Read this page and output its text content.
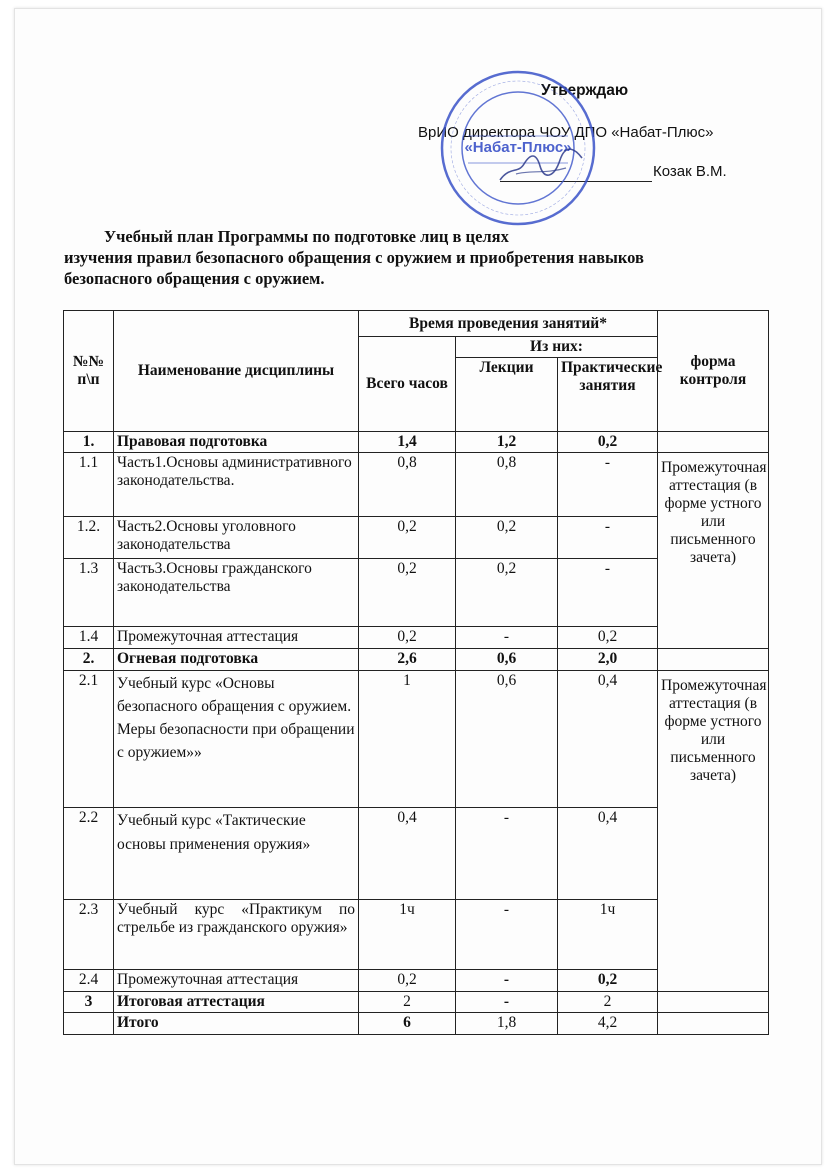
Утверждаю
ВрИО директора ЧОУ ДПО «Набат-Плюс»
Козак В.М.
«Набат-Плюс»
Учебный план Программы по подготовке лиц в целях
изучения правил безопасного обращения с оружием и приобретения навыков
безопасного обращения с оружием.
№№ п\п	Наименование дисциплины	Время проведения занятий*			форма контроля
		Всего часов	Из них:		
			Лекции	Практические занятия	
1.	Правовая подготовка	1,4	1,2	0,2	
1.1	Часть1.Основы административного законодательства.	0,8	0,8	-	Промежуточная аттестация (в форме устного или письменного зачета)
1.2.	Часть2.Основы уголовного законодательства	0,2	0,2	-	
1.3	Часть3.Основы гражданского законодательства	0,2	0,2	-	
1.4	Промежуточная аттестация	0,2	-	0,2	
2.	Огневая подготовка	2,6	0,6	2,0	
2.1	Учебный курс «Основы безопасного обращения с оружием. Меры безопасности при обращении с оружием»»	1	0,6	0,4	Промежуточная аттестация (в форме устного или письменного зачета)
2.2	Учебный курс «Тактические основы применения оружия»	0,4	-	0,4	
2.3	Учебный курс «Практикум по стрельбе из гражданского оружия»	1ч	-	1ч	
2.4	Промежуточная аттестация	0,2	-	0,2	
3	Итоговая аттестация	2	-	2	
	Итого	6	1,8	4,2	
